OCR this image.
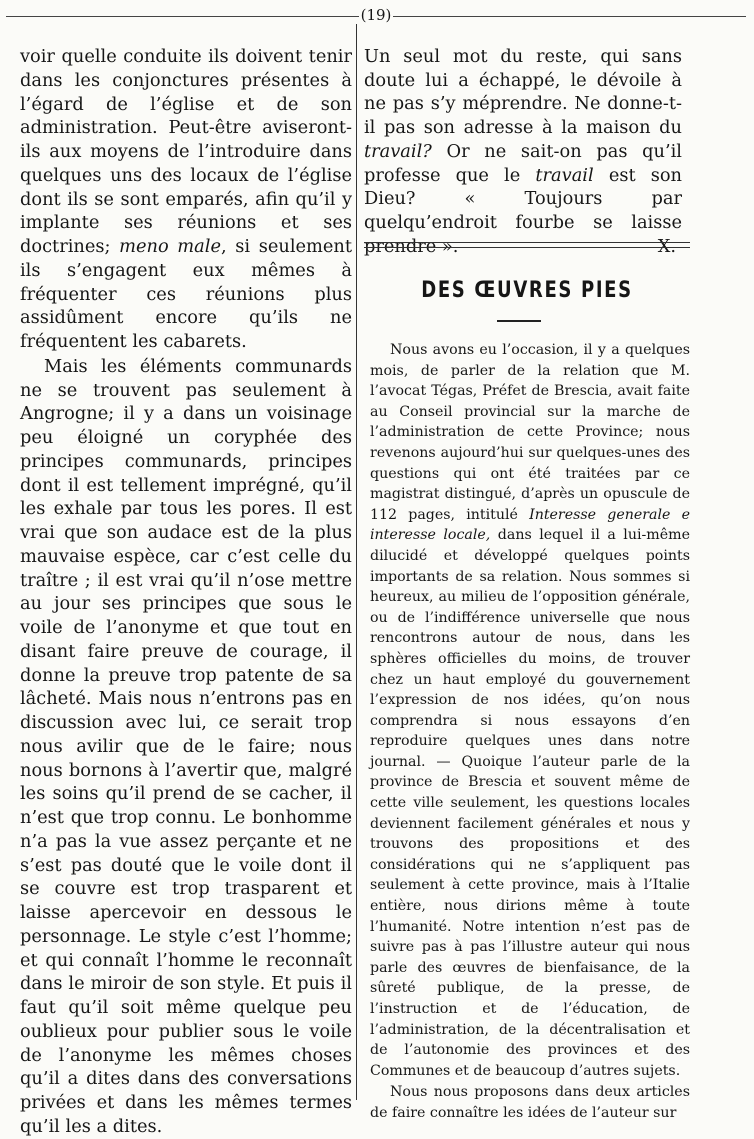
(19)

voir quelle conduite ils doivent tenir dans les conjonctures présentes à l’égard de l’église et de son administration. Peut-être aviseront-ils aux moyens de l’introduire dans quelques uns des locaux de l’église dont ils se sont emparés, afin qu’il y implante ses réunions et ses doctrines; meno male, si seulement ils s’engagent eux mêmes à fréquenter ces réunions plus assidûment encore qu’ils ne fréquentent les cabarets.

Mais les éléments communards ne se trouvent pas seulement à Angrogne; il y a dans un voisinage peu éloigné un coryphée des principes communards, principes dont il est tellement imprégné, qu’il les exhale par tous les pores. Il est vrai que son audace est de la plus mauvaise espèce, car c’est celle du traître ; il est vrai qu’il n’ose mettre au jour ses principes que sous le voile de l’anonyme et que tout en disant faire preuve de courage, il donne la preuve trop patente de sa lâcheté. Mais nous n’entrons pas en discussion avec lui, ce serait trop nous avilir que de le faire; nous nous bornons à l’avertir que, malgré les soins qu’il prend de se cacher, il n’est que trop connu. Le bonhomme n’a pas la vue assez perçante et ne s’est pas douté que le voile dont il se couvre est trop trasparent et laisse apercevoir en dessous le personnage. Le style c’est l’homme; et qui connaît l’homme le reconnaît dans le miroir de son style. Et puis il faut qu’il soit même quelque peu oublieux pour publier sous le voile de l’anonyme les mêmes choses qu’il a dites dans des conversations privées et dans les mêmes termes qu’il les a dites.

Un seul mot du reste, qui sans doute lui a échappé, le dévoile à ne pas s’y méprendre. Ne donne-t-il pas son adresse à la maison du travail? Or ne sait-on pas qu’il professe que le travail est son Dieu? « Toujours par quelqu’endroit fourbe se laisse prendre ».	X.

DES ŒUVRES PIES

Nous avons eu l’occasion, il y a quelques mois, de parler de la relation que M. l’avocat Tégas, Préfet de Brescia, avait faite au Conseil provincial sur la marche de l’administration de cette Province; nous revenons aujourd’hui sur quelques-unes des questions qui ont été traitées par ce magistrat distingué, d’après un opuscule de 112 pages, intitulé Interesse generale e interesse locale, dans lequel il a lui-même dilucidé et développé quelques points importants de sa relation. Nous sommes si heureux, au milieu de l’opposition générale, ou de l’indifférence universelle que nous rencontrons autour de nous, dans les sphères officielles du moins, de trouver chez un haut employé du gouvernement l’expression de nos idées, qu’on nous comprendra si nous essayons d’en reproduire quelques unes dans notre journal. — Quoique l’auteur parle de la province de Brescia et souvent même de cette ville seulement, les questions locales deviennent facilement générales et nous y trouvons des propositions et des considérations qui ne s’appliquent pas seulement à cette province, mais à l’Italie entière, nous dirions même à toute l’humanité. Notre intention n’est pas de suivre pas à pas l’illustre auteur qui nous parle des œuvres de bienfaisance, de la sûreté publique, de la presse, de l’instruction et de l’éducation, de l’administration, de la décentralisation et de l’autonomie des provinces et des Communes et de beaucoup d’autres sujets.

Nous nous proposons dans deux articles de faire connaître les idées de l’auteur sur
